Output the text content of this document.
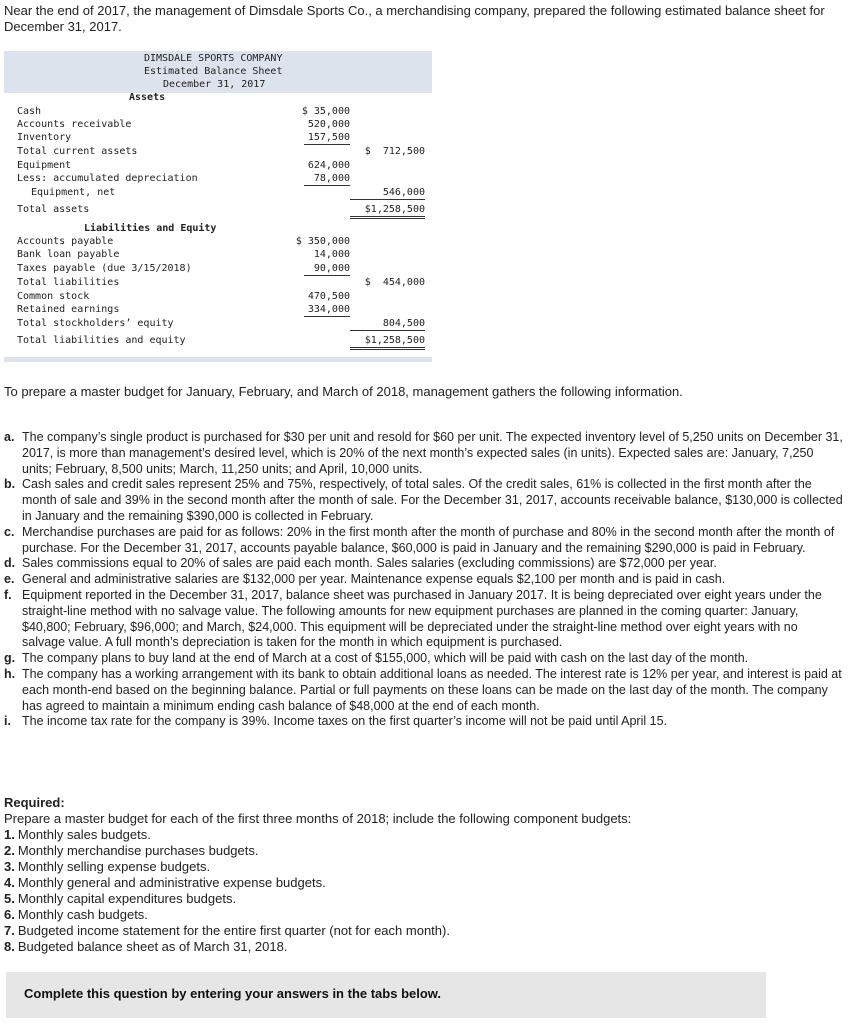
Near the end of 2017, the management of Dimsdale Sports Co., a merchandising company, prepared the following estimated balance sheet for December 31, 2017.

DIMSDALE SPORTS COMPANY
Estimated Balance Sheet
December 31, 2017
Assets
Cash	$ 35,000
Accounts receivable	520,000
Inventory	157,500
Total current assets	$  712,500
Equipment	624,000
Less: accumulated depreciation	78,000
Equipment, net	546,000
Total assets	$1,258,500
Liabilities and Equity
Accounts payable	$ 350,000
Bank loan payable	14,000
Taxes payable (due 3/15/2018)	90,000
Total liabilities	$  454,000
Common stock	470,500
Retained earnings	334,000
Total stockholders’ equity	804,500
Total liabilities and equity	$1,258,500

To prepare a master budget for January, February, and March of 2018, management gathers the following information.

a. The company’s single product is purchased for $30 per unit and resold for $60 per unit. The expected inventory level of 5,250 units on December 31, 2017, is more than management’s desired level, which is 20% of the next month’s expected sales (in units). Expected sales are: January, 7,250 units; February, 8,500 units; March, 11,250 units; and April, 10,000 units.
b. Cash sales and credit sales represent 25% and 75%, respectively, of total sales. Of the credit sales, 61% is collected in the first month after the month of sale and 39% in the second month after the month of sale. For the December 31, 2017, accounts receivable balance, $130,000 is collected in January and the remaining $390,000 is collected in February.
c. Merchandise purchases are paid for as follows: 20% in the first month after the month of purchase and 80% in the second month after the month of purchase. For the December 31, 2017, accounts payable balance, $60,000 is paid in January and the remaining $290,000 is paid in February.
d. Sales commissions equal to 20% of sales are paid each month. Sales salaries (excluding commissions) are $72,000 per year.
e. General and administrative salaries are $132,000 per year. Maintenance expense equals $2,100 per month and is paid in cash.
f. Equipment reported in the December 31, 2017, balance sheet was purchased in January 2017. It is being depreciated over eight years under the straight-line method with no salvage value. The following amounts for new equipment purchases are planned in the coming quarter: January, $40,800; February, $96,000; and March, $24,000. This equipment will be depreciated under the straight-line method over eight years with no salvage value. A full month’s depreciation is taken for the month in which equipment is purchased.
g. The company plans to buy land at the end of March at a cost of $155,000, which will be paid with cash on the last day of the month.
h. The company has a working arrangement with its bank to obtain additional loans as needed. The interest rate is 12% per year, and interest is paid at each month-end based on the beginning balance. Partial or full payments on these loans can be made on the last day of the month. The company has agreed to maintain a minimum ending cash balance of $48,000 at the end of each month.
i. The income tax rate for the company is 39%. Income taxes on the first quarter’s income will not be paid until April 15.
Required:
Prepare a master budget for each of the first three months of 2018; include the following component budgets:
1. Monthly sales budgets.
2. Monthly merchandise purchases budgets.
3. Monthly selling expense budgets.
4. Monthly general and administrative expense budgets.
5. Monthly capital expenditures budgets.
6. Monthly cash budgets.
7. Budgeted income statement for the entire first quarter (not for each month).
8. Budgeted balance sheet as of March 31, 2018.
Complete this question by entering your answers in the tabs below.
